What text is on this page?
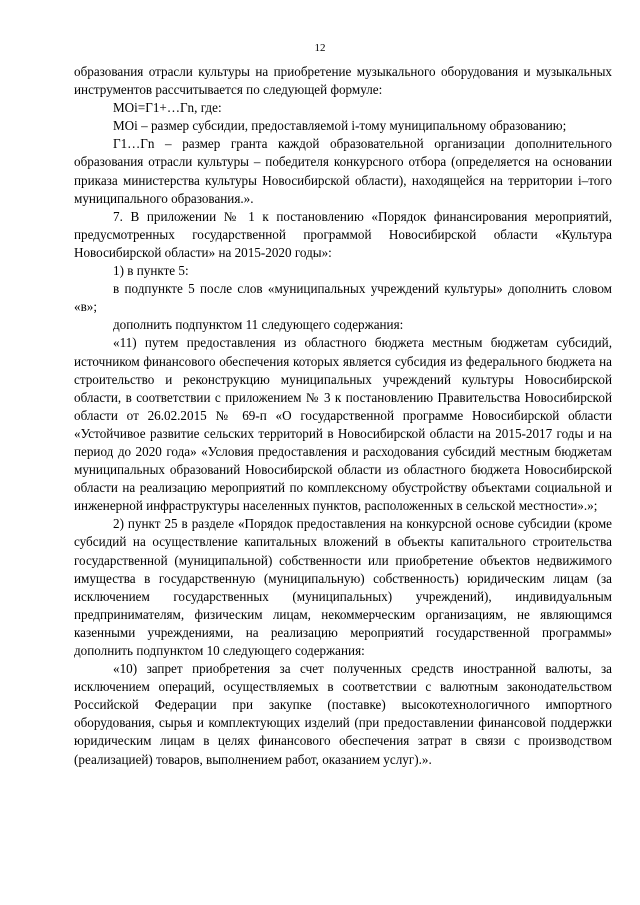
12

образования отрасли культуры на приобретение музыкального оборудования и музыкальных инструментов рассчитывается по следующей формуле:

МОi=Г1+…Гn, где:

МОi – размер субсидии, предоставляемой i-тому муниципальному образованию;

Г1…Гn – размер гранта каждой образовательной организации дополнительного образования отрасли культуры – победителя конкурсного отбора (определяется на основании приказа министерства культуры Новосибирской области), находящейся на территории i–того муниципального образования.».

7. В приложении № 1 к постановлению «Порядок финансирования мероприятий, предусмотренных государственной программой Новосибирской области «Культура Новосибирской области» на 2015-2020 годы»:

1) в пункте 5:

в подпункте 5 после слов «муниципальных учреждений культуры» дополнить словом «в»;

дополнить подпунктом 11 следующего содержания:

«11) путем предоставления из областного бюджета местным бюджетам субсидий, источником финансового обеспечения которых является субсидия из федерального бюджета на строительство и реконструкцию муниципальных учреждений культуры Новосибирской области, в соответствии с приложением № 3 к постановлению Правительства Новосибирской области от 26.02.2015 № 69-п «О государственной программе Новосибирской области «Устойчивое развитие сельских территорий в Новосибирской области на 2015-2017 годы и на период до 2020 года» «Условия предоставления и расходования субсидий местным бюджетам муниципальных образований Новосибирской области из областного бюджета Новосибирской области на реализацию мероприятий по комплексному обустройству объектами социальной и инженерной инфраструктуры населенных пунктов, расположенных в сельской местности».»;

2) пункт 25 в разделе «Порядок предоставления на конкурсной основе субсидии (кроме субсидий на осуществление капитальных вложений в объекты капитального строительства государственной (муниципальной) собственности или приобретение объектов недвижимого имущества в государственную (муниципальную) собственность) юридическим лицам (за исключением государственных (муниципальных) учреждений), индивидуальным предпринимателям, физическим лицам, некоммерческим организациям, не являющимся казенными учреждениями, на реализацию мероприятий государственной программы» дополнить подпунктом 10 следующего содержания:

«10) запрет приобретения за счет полученных средств иностранной валюты, за исключением операций, осуществляемых в соответствии с валютным законодательством Российской Федерации при закупке (поставке) высокотехнологичного импортного оборудования, сырья и комплектующих изделий (при предоставлении финансовой поддержки юридическим лицам в целях финансового обеспечения затрат в связи с производством (реализацией) товаров, выполнением работ, оказанием услуг).».
